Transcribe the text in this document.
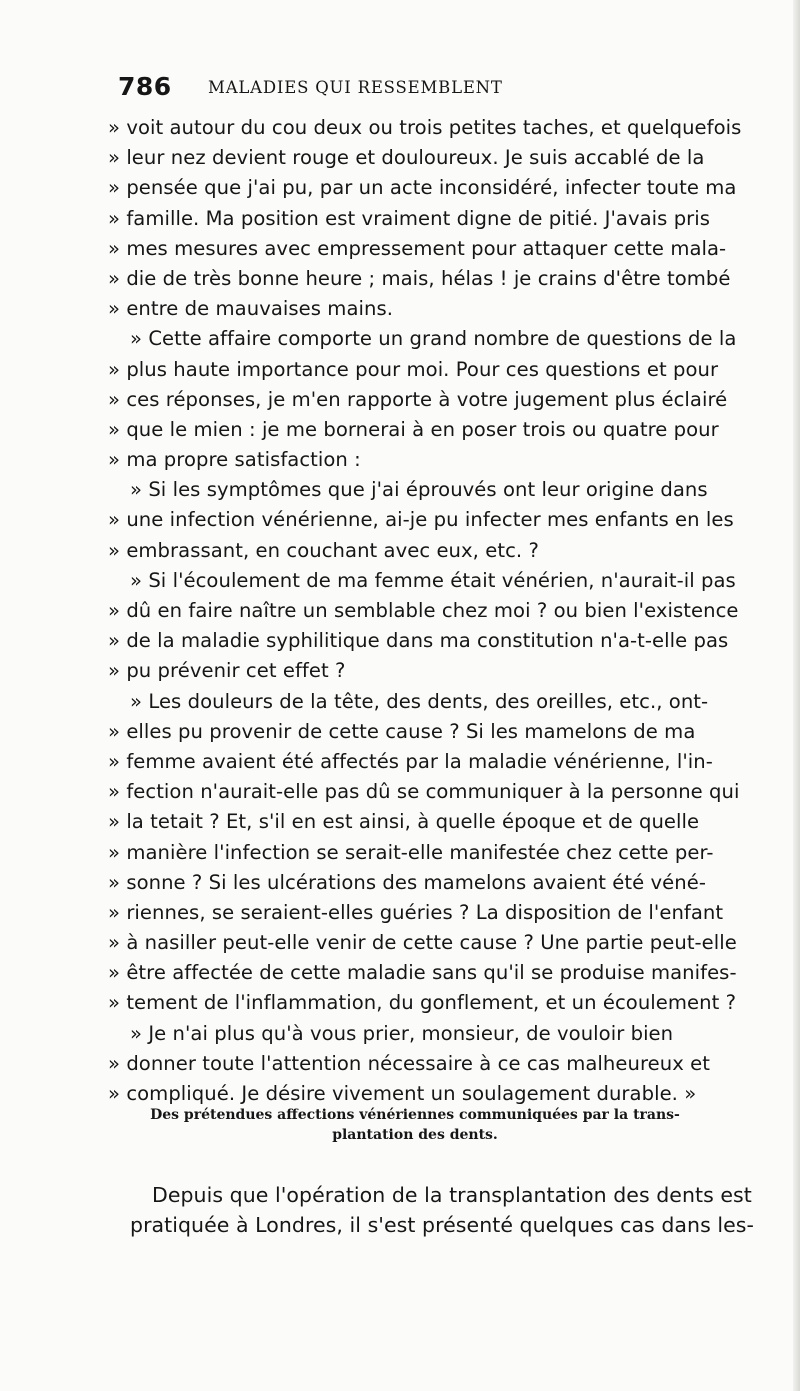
786 MALADIES QUI RESSEMBLENT
» voit autour du cou deux ou trois petites taches, et quelquefois
» leur nez devient rouge et douloureux. Je suis accablé de la
» pensée que j'ai pu, par un acte inconsidéré, infecter toute ma
» famille. Ma position est vraiment digne de pitié. J'avais pris
» mes mesures avec empressement pour attaquer cette mala-
» die de très bonne heure ; mais, hélas ! je crains d'être tombé
» entre de mauvaises mains.
» Cette affaire comporte un grand nombre de questions de la
» plus haute importance pour moi. Pour ces questions et pour
» ces réponses, je m'en rapporte à votre jugement plus éclairé
» que le mien : je me bornerai à en poser trois ou quatre pour
» ma propre satisfaction :
» Si les symptômes que j'ai éprouvés ont leur origine dans
» une infection vénérienne, ai-je pu infecter mes enfants en les
» embrassant, en couchant avec eux, etc. ?
» Si l'écoulement de ma femme était vénérien, n'aurait-il pas
» dû en faire naître un semblable chez moi ? ou bien l'existence
» de la maladie syphilitique dans ma constitution n'a-t-elle pas
» pu prévenir cet effet ?
» Les douleurs de la tête, des dents, des oreilles, etc., ont-
» elles pu provenir de cette cause ? Si les mamelons de ma
» femme avaient été affectés par la maladie vénérienne, l'in-
» fection n'aurait-elle pas dû se communiquer à la personne qui
» la tetait ? Et, s'il en est ainsi, à quelle époque et de quelle
» manière l'infection se serait-elle manifestée chez cette per-
» sonne ? Si les ulcérations des mamelons avaient été véné-
» riennes, se seraient-elles guéries ? La disposition de l'enfant
» à nasiller peut-elle venir de cette cause ? Une partie peut-elle
» être affectée de cette maladie sans qu'il se produise manifes-
» tement de l'inflammation, du gonflement, et un écoulement ?
» Je n'ai plus qu'à vous prier, monsieur, de vouloir bien
» donner toute l'attention nécessaire à ce cas malheureux et
» compliqué. Je désire vivement un soulagement durable. »
Des prétendues affections vénériennes communiquées par la trans-
plantation des dents.
Depuis que l'opération de la transplantation des dents est
pratiquée à Londres, il s'est présenté quelques cas dans les-
